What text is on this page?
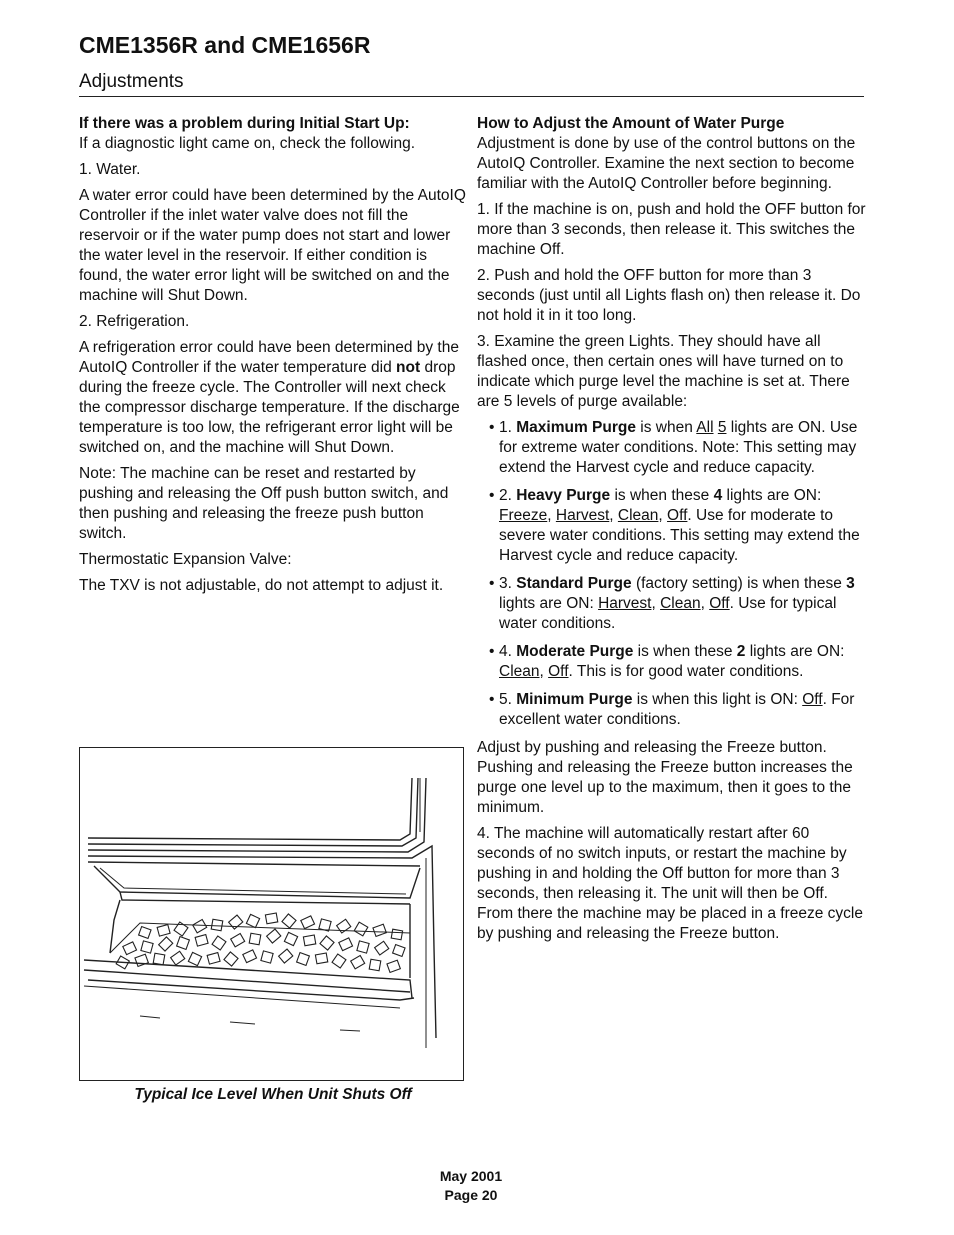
CME1356R and CME1656R
Adjustments
If there was a problem during Initial Start Up:

If a diagnostic light came on, check the following.

1. Water.

A water error could have been determined by the AutoIQ Controller if the inlet water valve does not fill the reservoir or if the water pump does not start and lower the water level in the reservoir. If either condition is found, the water error light will be switched on and the machine will Shut Down.

2. Refrigeration.

A refrigeration error could have been determined by the AutoIQ Controller if the water temperature did not drop during the freeze cycle. The Controller will next check the compressor discharge temperature. If the discharge temperature is too low, the refrigerant error light will be switched on, and the machine will Shut Down.

Note: The machine can be reset and restarted by pushing and releasing the Off push button switch, and then pushing and releasing the freeze push button switch.

Thermostatic Expansion Valve:

The TXV is not adjustable, do not attempt to adjust it.

Typical Ice Level When Unit Shuts Off
How to Adjust the Amount of Water Purge

Adjustment is done by use of the control buttons on the AutoIQ Controller. Examine the next section to become familiar with the AutoIQ Controller before beginning.

1. If the machine is on, push and hold the OFF button for more than 3 seconds, then release it. This switches the machine Off.

2. Push and hold the OFF button for more than 3 seconds (just until all Lights flash on) then release it. Do not hold it in it too long.

3. Examine the green Lights. They should have all flashed once, then certain ones will have turned on to indicate which purge level the machine is set at. There are 5 levels of purge available:

• 1. Maximum Purge is when All 5 lights are ON. Use for extreme water conditions. Note: This setting may extend the Harvest cycle and reduce capacity.
• 2. Heavy Purge is when these 4 lights are ON: Freeze, Harvest, Clean, Off. Use for moderate to severe water conditions. This setting may extend the Harvest cycle and reduce capacity.
• 3. Standard Purge (factory setting) is when these 3 lights are ON: Harvest, Clean, Off. Use for typical water conditions.
• 4. Moderate Purge is when these 2 lights are ON: Clean, Off. This is for good water conditions.
• 5. Minimum Purge is when this light is ON: Off. For excellent water conditions.

Adjust by pushing and releasing the Freeze button. Pushing and releasing the Freeze button increases the purge one level up to the maximum, then it goes to the minimum.

4. The machine will automatically restart after 60 seconds of no switch inputs, or restart the machine by pushing in and holding the Off button for more than 3 seconds, then releasing it. The unit will then be Off. From there the machine may be placed in a freeze cycle by pushing and releasing the Freeze button.

May 2001
Page 20
